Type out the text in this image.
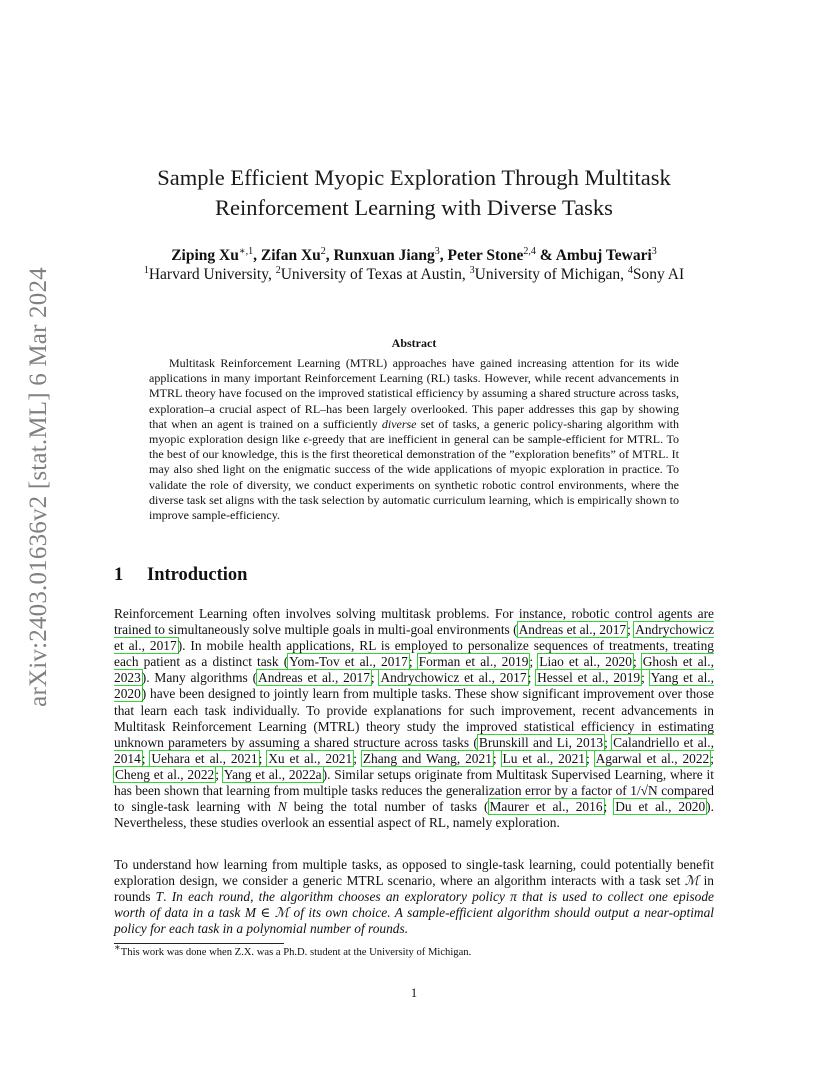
arXiv:2403.01636v2 [stat.ML] 6 Mar 2024
Sample Efficient Myopic Exploration Through Multitask
Reinforcement Learning with Diverse Tasks
Ziping $Xu^{∗,1}$, Zifan Xu$^2$, Runxuan Jiang$^3$, Peter Stone$^{2,4}$ & Ambuj Tewari$^3$
$^1$Harvard University, $^2$University of Texas at Austin, $^3$University of Michigan, $^4$Sony AI
Abstract
Multitask Reinforcement Learning (MTRL) approaches have gained increasing attention for its wide applications in many important Reinforcement Learning (RL) tasks. However, while recent advancements in MTRL theory have focused on the improved statistical efficiency by assuming a shared structure across tasks, exploration–a crucial aspect of RL–has been largely overlooked. This paper addresses this gap by showing that when an agent is trained on a sufficiently diverse set of tasks, a generic policy-sharing algorithm with myopic exploration design like ϵ-greedy that are inefficient in general can be sample-efficient for MTRL. To the best of our knowledge, this is the first theoretical demonstration of the ”exploration benefits” of MTRL. It may also shed light on the enigmatic success of the wide applications of myopic exploration in practice. To validate the role of diversity, we conduct experiments on synthetic robotic control environments, where the diverse task set aligns with the task selection by automatic curriculum learning, which is empirically shown to improve sample-efficiency.
1 Introduction
Reinforcement Learning often involves solving multitask problems. For instance, robotic control agents are trained to simultaneously solve multiple goals in multi-goal environments (Andreas et al., 2017; Andrychowicz et al., 2017). In mobile health applications, RL is employed to personalize sequences of treatments, treating each patient as a distinct task (Yom-Tov et al., 2017; Forman et al., 2019; Liao et al., 2020; Ghosh et al., 2023). Many algorithms (Andreas et al., 2017; Andrychowicz et al., 2017; Hessel et al., 2019; Yang et al., 2020) have been designed to jointly learn from multiple tasks. These show significant improvement over those that learn each task individually. To provide explanations for such improvement, recent advancements in Multitask Reinforcement Learning (MTRL) theory study the improved statistical efficiency in estimating unknown parameters by assuming a shared structure across tasks (Brunskill and Li, 2013; Calandriello et al., 2014; Uehara et al., 2021; Xu et al., 2021; Zhang and Wang, 2021; Lu et al., 2021; Agarwal et al., 2022; Cheng et al., 2022; Yang et al., 2022a). Similar setups originate from Multitask Supervised Learning, where it has been shown that learning from multiple tasks reduces the generalization error by a factor of 1/√N compared to single-task learning with N being the total number of tasks (Maurer et al., 2016; Du et al., 2020). Nevertheless, these studies overlook an essential aspect of RL, namely exploration.
To understand how learning from multiple tasks, as opposed to single-task learning, could potentially benefit exploration design, we consider a generic MTRL scenario, where an algorithm interacts with a task set ℳ in rounds T. In each round, the algorithm chooses an exploratory policy π that is used to collect one episode worth of data in a task M ∈ ℳ of its own choice. A sample-efficient algorithm should output a near-optimal policy for each task in a polynomial number of rounds.
∗This work was done when Z.X. was a Ph.D. student at the University of Michigan.
1
